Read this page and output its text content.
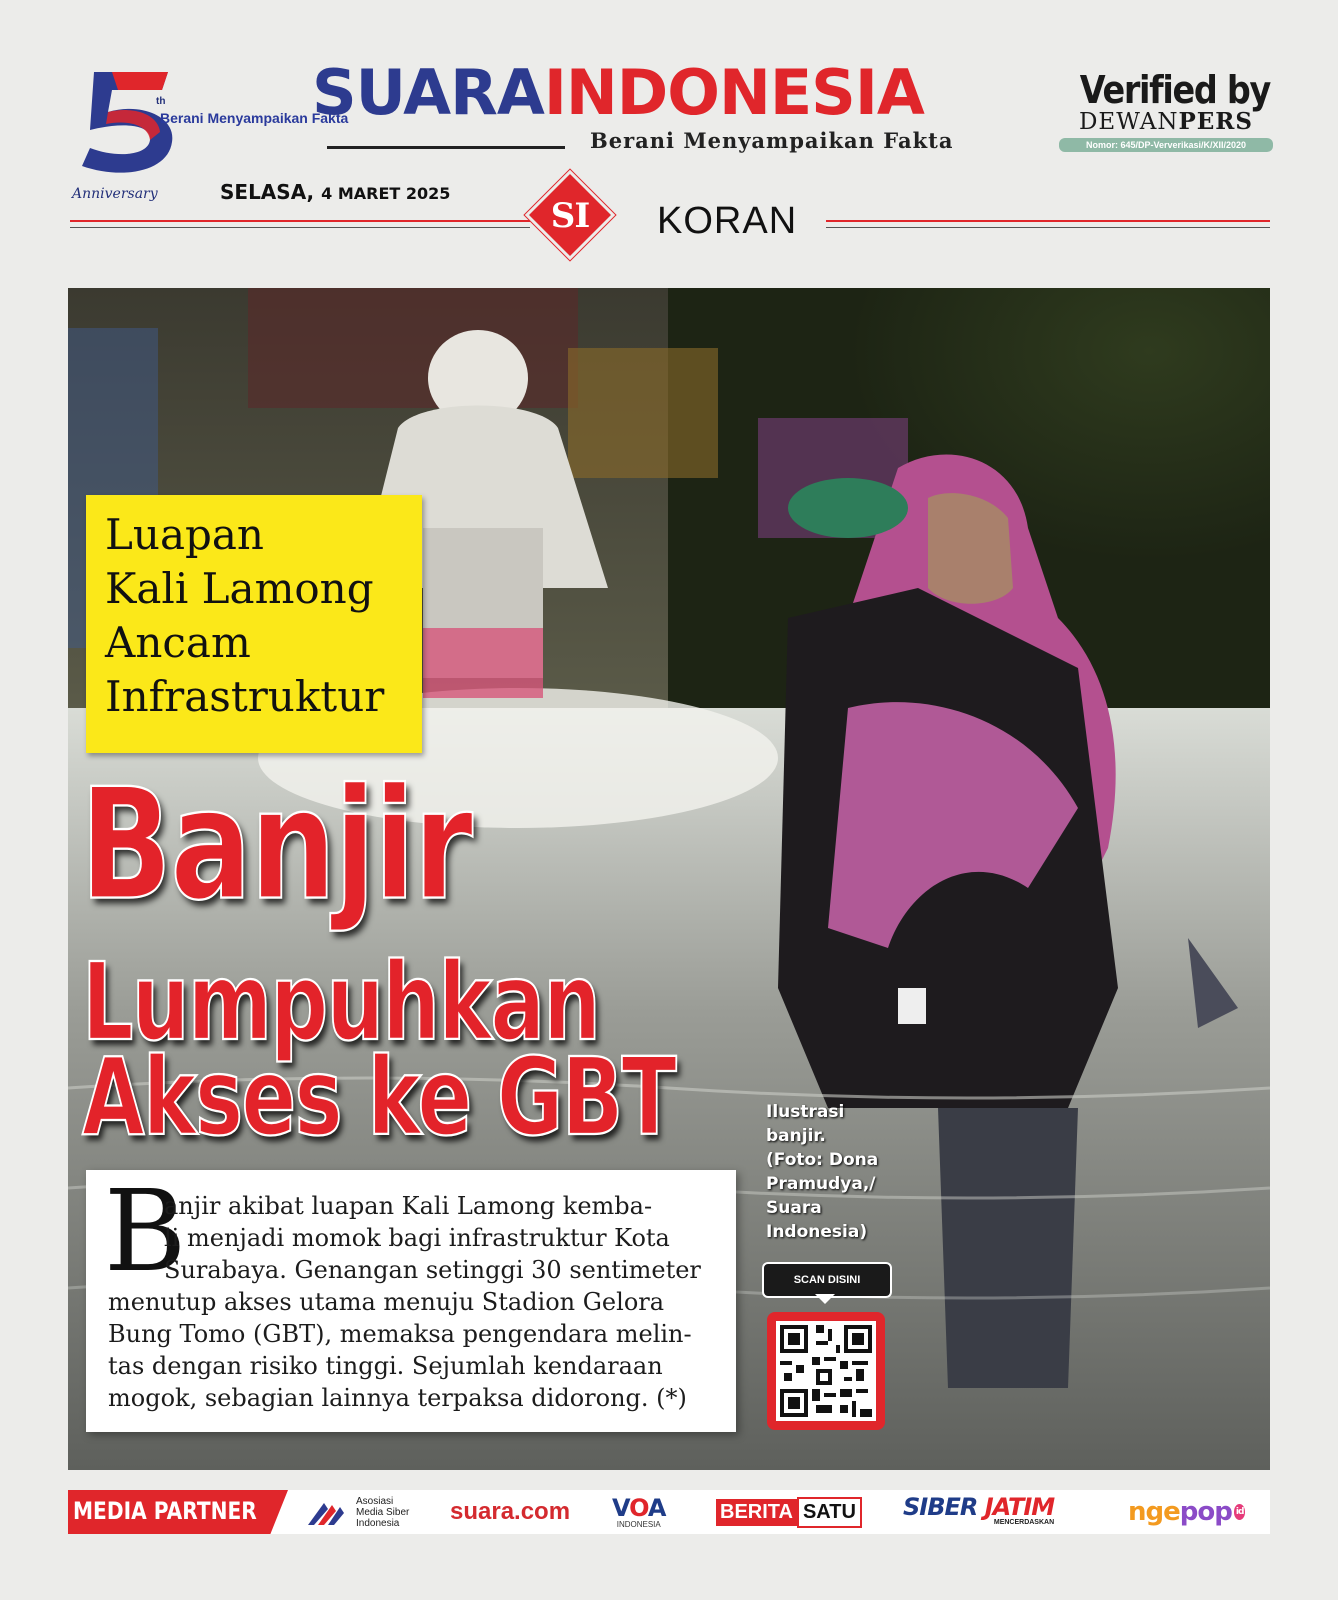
th
Berani Menyampaikan Fakta
Anniversary
SUARAINDONESIA
Berani Menyampaikan Fakta
Verified by
DEWANPERS
Nomor: 645/DP-Ververikasi/K/XII/2020
SELASA, 4 MARET 2025
SI	KORAN
Luapan
Kali Lamong
Ancam
Infrastruktur
Banjir
Lumpuhkan
Akses ke GBT
B
anjir akibat luapan Kali Lamong kemba-
li menjadi momok bagi infrastruktur Kota
Surabaya. Genangan setinggi 30 sentimeter
menutup akses utama menuju Stadion Gelora
Bung Tomo (GBT), memaksa pengendara melin-
tas dengan risiko tinggi. Sejumlah kendaraan
mogok, sebagian lainnya terpaksa didorong. (*)
Ilustrasi
banjir.
(Foto: Dona
Pramudya,/
Suara
Indonesia)
SCAN DISINI
MEDIA PARTNER	Asosiasi
Media Siber
Indonesia	suara.com VOA
INDONESIA
BERITA SATU SIBER JATIM
MENCERDASKAN	nge pop id
